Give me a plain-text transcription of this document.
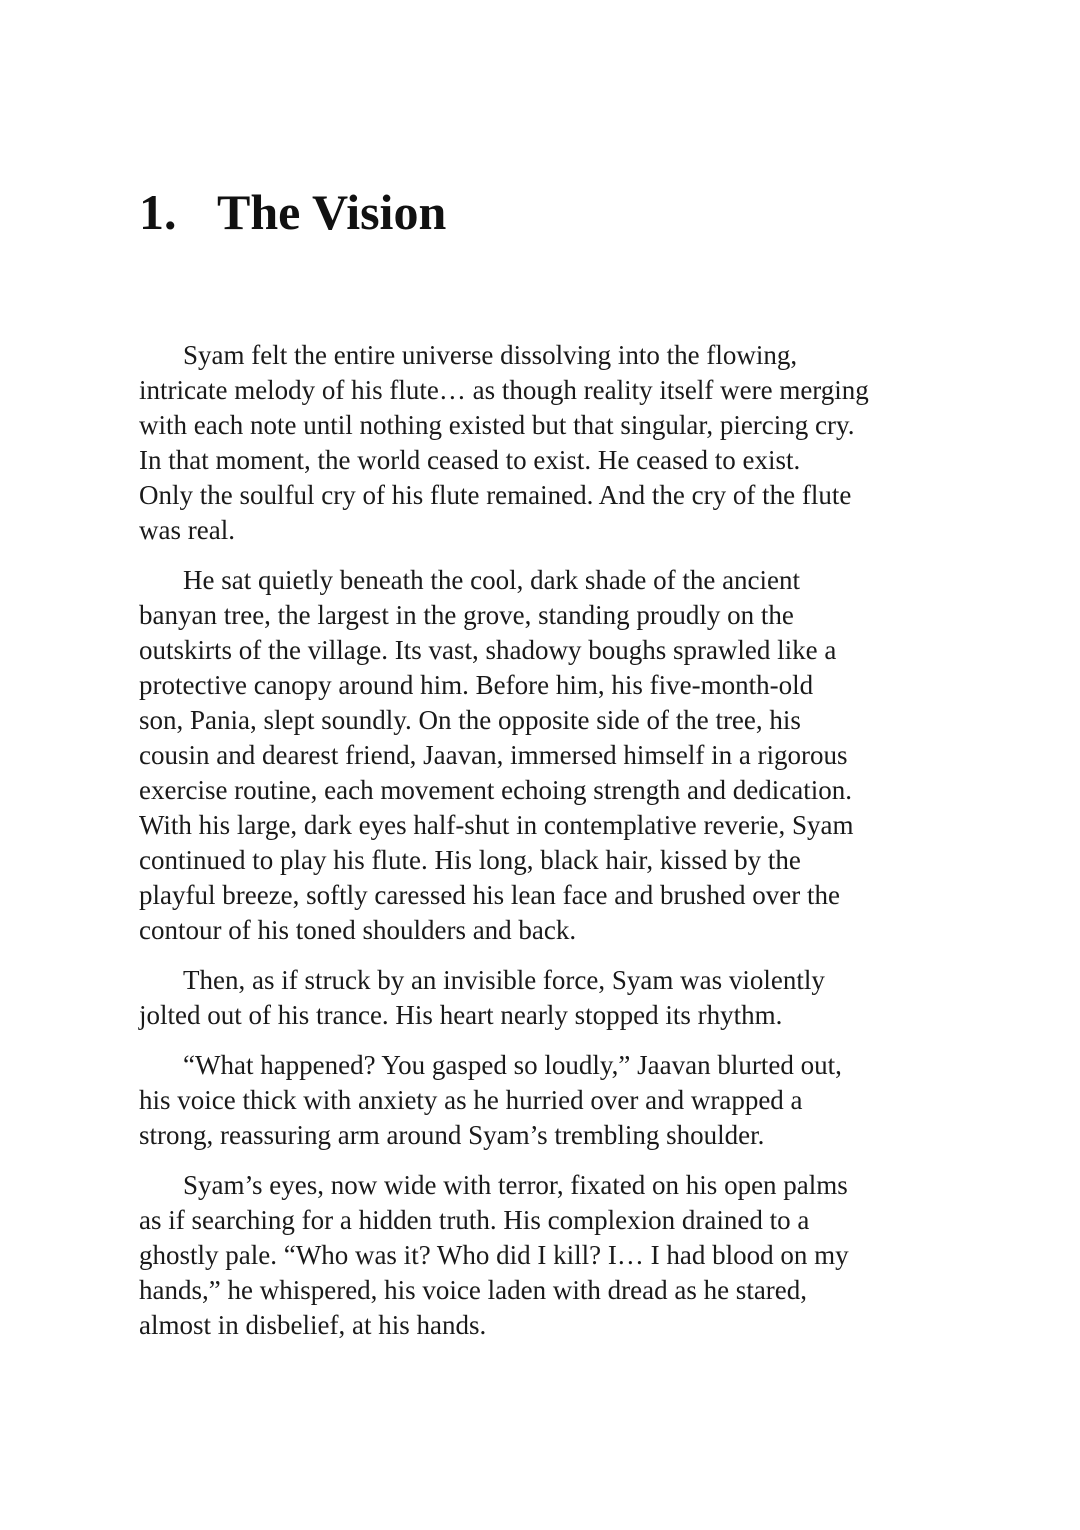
1. The Vision

Syam felt the entire universe dissolving into the flowing,
intricate melody of his flute… as though reality itself were merging
with each note until nothing existed but that singular, piercing cry.
In that moment, the world ceased to exist. He ceased to exist.
Only the soulful cry of his flute remained. And the cry of the flute
was real.

He sat quietly beneath the cool, dark shade of the ancient
banyan tree, the largest in the grove, standing proudly on the
outskirts of the village. Its vast, shadowy boughs sprawled like a
protective canopy around him. Before him, his five-month-old
son, Pania, slept soundly. On the opposite side of the tree, his
cousin and dearest friend, Jaavan, immersed himself in a rigorous
exercise routine, each movement echoing strength and dedication.
With his large, dark eyes half-shut in contemplative reverie, Syam
continued to play his flute. His long, black hair, kissed by the
playful breeze, softly caressed his lean face and brushed over the
contour of his toned shoulders and back.

Then, as if struck by an invisible force, Syam was violently
jolted out of his trance. His heart nearly stopped its rhythm.

“What happened? You gasped so loudly,” Jaavan blurted out,
his voice thick with anxiety as he hurried over and wrapped a
strong, reassuring arm around Syam’s trembling shoulder.

Syam’s eyes, now wide with terror, fixated on his open palms
as if searching for a hidden truth. His complexion drained to a
ghostly pale. “Who was it? Who did I kill? I… I had blood on my
hands,” he whispered, his voice laden with dread as he stared,
almost in disbelief, at his hands.
